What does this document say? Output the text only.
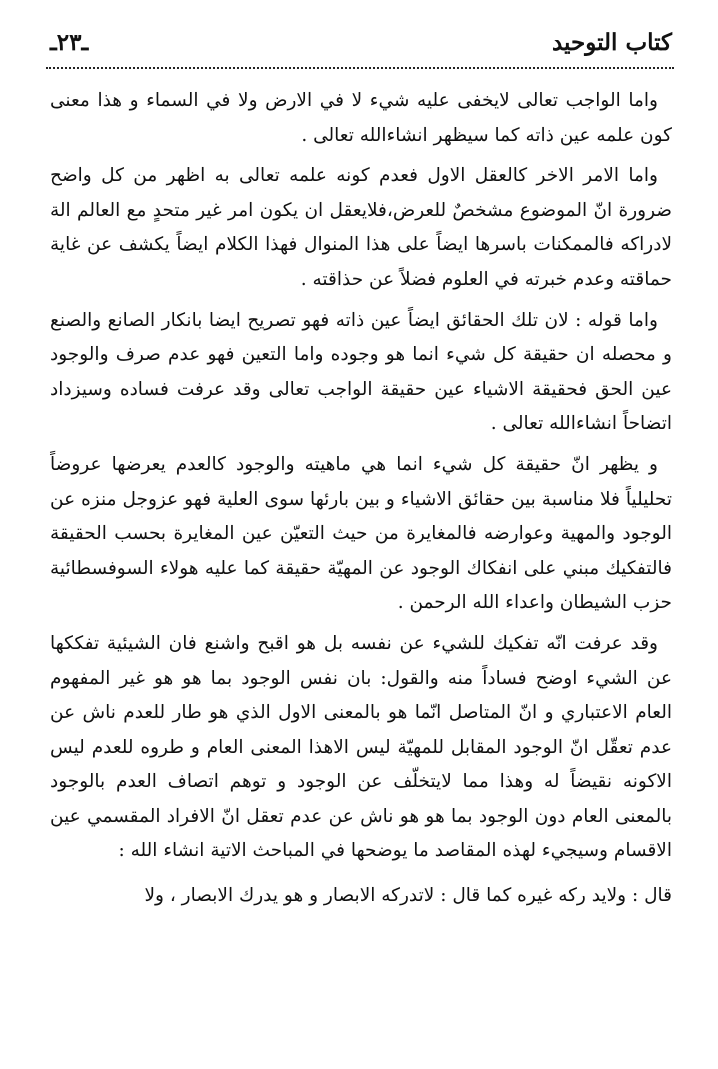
كتاب التوحيد
ـ٢٣ـ

واما الواجب تعالى لايخفى عليه شيء لا في الارض ولا في السماء و هذا معنى كون علمه عين ذاته كما سيظهر انشاءالله تعالى .

واما الامر الاخر كالعقل الاول فعدم كونه علمه تعالى به اظهر من كل واضح ضرورة انّ الموضوع مشخصٌ للعرض،فلايعقل ان يكون امر غير متحدٍ مع العالم الة لادراكه فالممكنات باسرها ايضاً على هذا المنوال فهذا الكلام ايضاً يكشف عن غاية حماقته وعدم خبرته في العلوم فضلاً عن حذاقته .

واما قوله : لان تلك الحقائق ايضاً عين ذاته فهو تصريح ايضا بانكار الصانع والصنع و محصله ان حقيقة كل شيء انما هو وجوده واما التعين فهو عدم صرف والوجود عين الحق فحقيقة الاشياء عين حقيقة الواجب تعالى وقد عرفت فساده وسيزداد اتضاحاً انشاءالله تعالى .

و يظهر انّ حقيقة كل شيء انما هي ماهيته والوجود كالعدم يعرضها عروضاً تحليلياً فلا مناسبة بين حقائق الاشياء و بين بارئها سوى العلية فهو عزوجل منزه عن الوجود والمهية وعوارضه فالمغايرة من حيث التعيّن عين المغايرة بحسب الحقيقة فالتفكيك مبني على انفكاك الوجود عن المهيّة حقيقة كما عليه هولاء السوفسطائية حزب الشيطان واعداء الله الرحمن .

وقد عرفت انّه تفكيك للشيء عن نفسه بل هو اقبح واشنع فان الشيئية تفككها عن الشيء اوضح فساداً منه والقول: بان نفس الوجود بما هو هو غير المفهوم العام الاعتباري و انّ المتاصل انّما هو بالمعنى الاول الذي هو طار للعدم ناش عن عدم تعقّل انّ الوجود المقابل للمهيّة ليس الاهذا المعنى العام و طروه للعدم ليس الاكونه نقيضاً له وهذا مما لايتخلّف عن الوجود و توهم اتصاف العدم بالوجود بالمعنى العام دون الوجود بما هو هو ناش عن عدم تعقل انّ الافراد المقسمي عين الاقسام وسيجيء لهذه المقاصد ما يوضحها في المباحث الاتية انشاء الله :

قال : ولايد ركه غيره كما قال : لاتدركه الابصار و هو يدرك الابصار ، ولا
